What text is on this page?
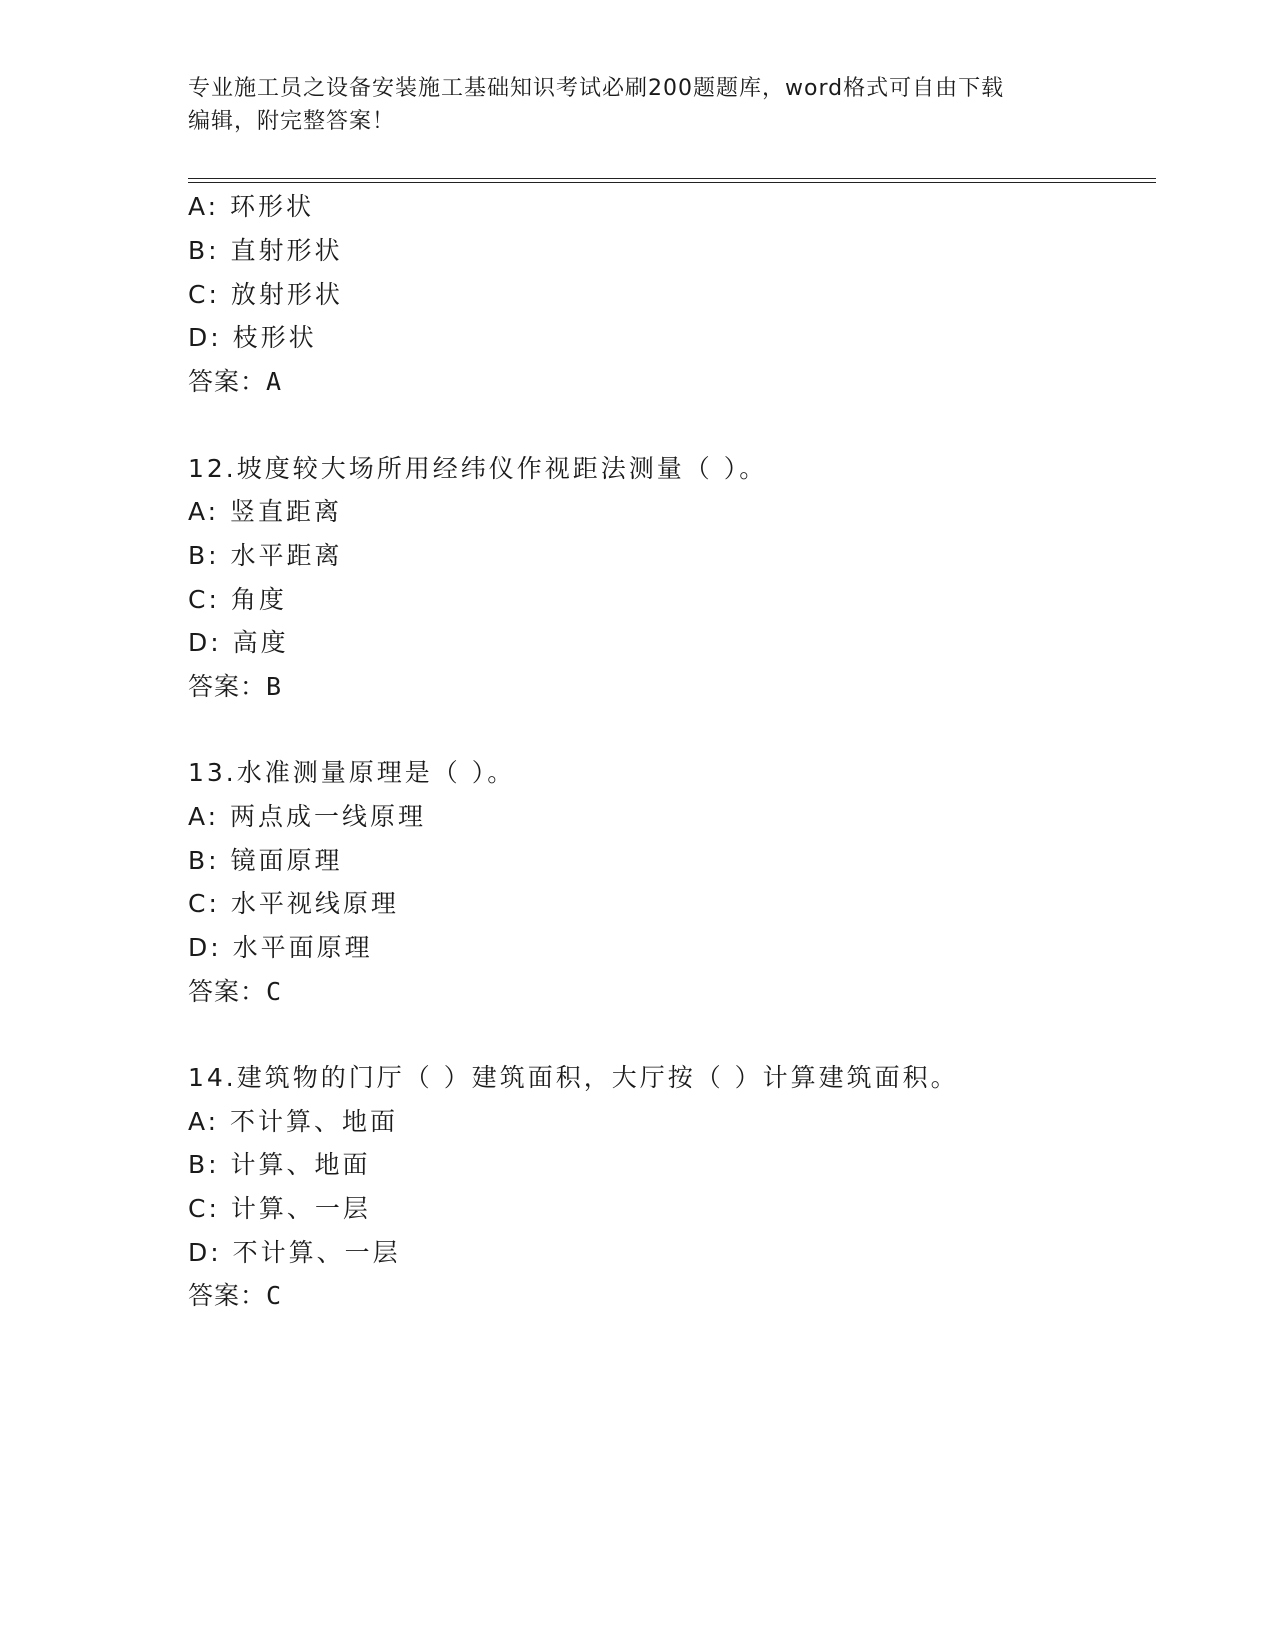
专业施工员之设备安装施工基础知识考试必刷200题题库，word格式可自由下载
编辑，附完整答案！
A: 环形状
B: 直射形状
C: 放射形状
D: 枝形状
答案：A
12.坡度较大场所用经纬仪作视距法测量（ ）。
A: 竖直距离
B: 水平距离
C: 角度
D: 高度
答案：B
13.水准测量原理是（ ）。
A: 两点成一线原理
B: 镜面原理
C: 水平视线原理
D: 水平面原理
答案：C
14.建筑物的门厅（ ）建筑面积，大厅按（ ）计算建筑面积。
A: 不计算、地面
B: 计算、地面
C: 计算、一层
D: 不计算、一层
答案：C
